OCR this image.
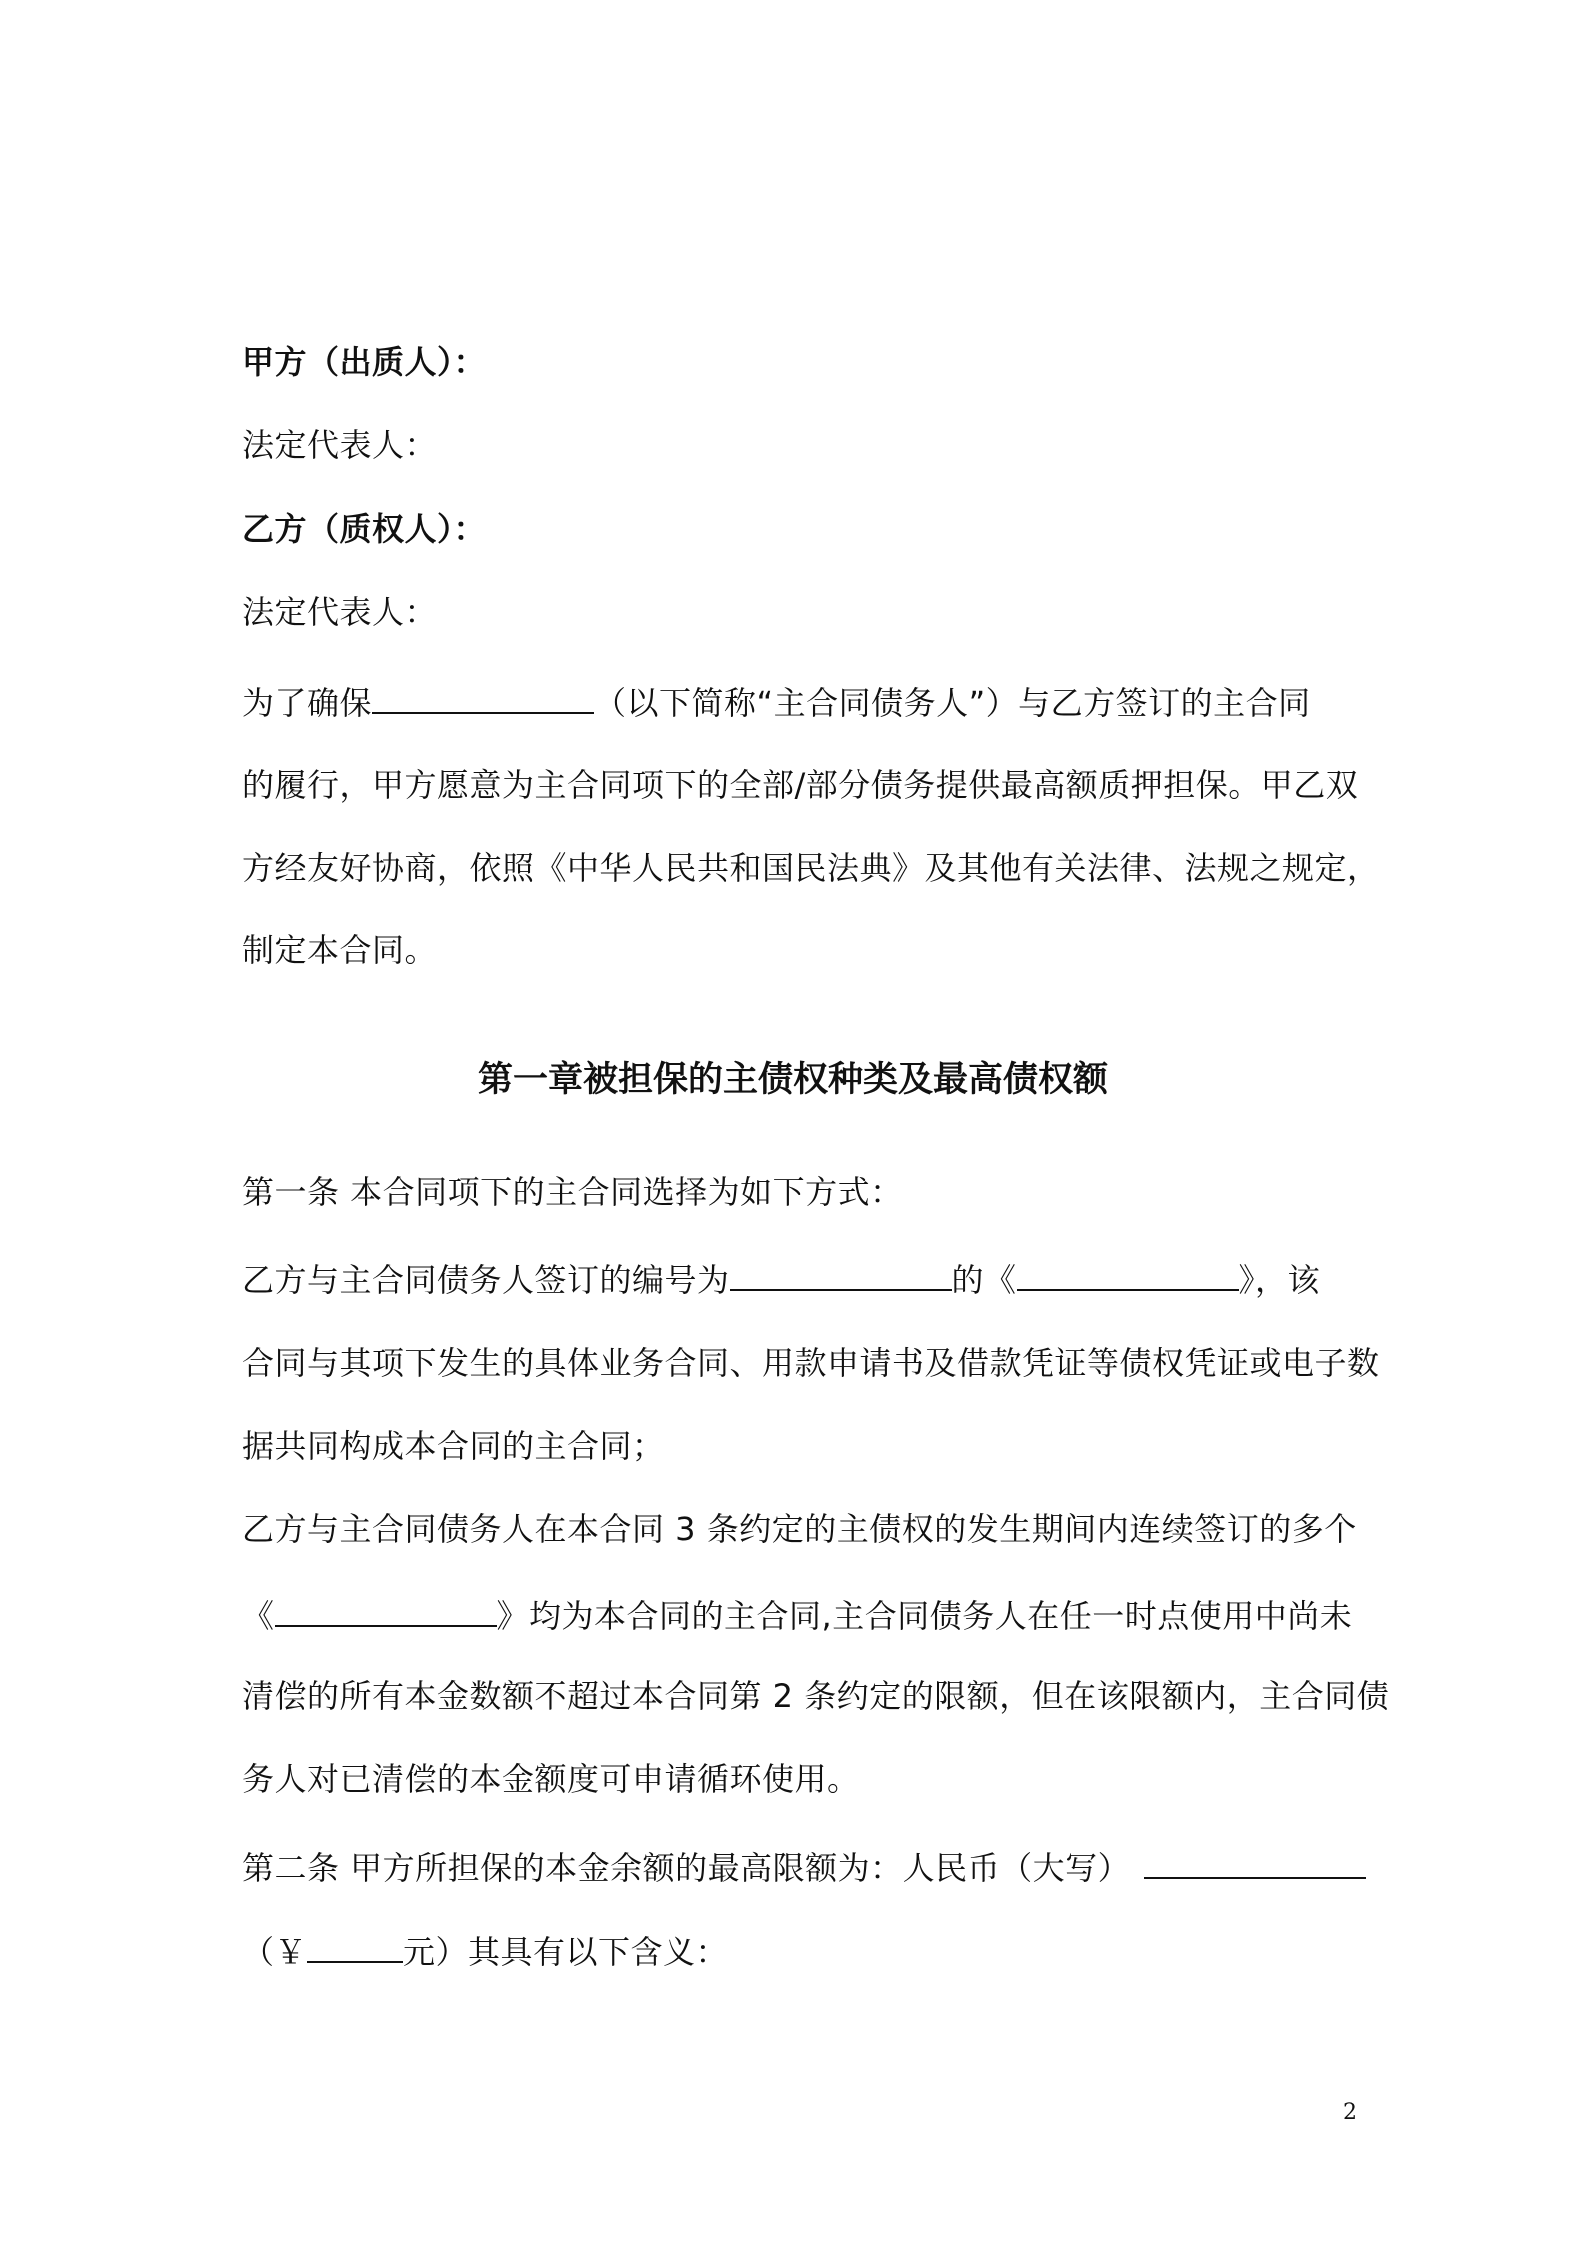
甲方（出质人）：
法定代表人：
乙方（质权人）：
法定代表人：
为了确保	（以下简称“主合同债务人”）与乙方签订的主合同
的履行，甲方愿意为主合同项下的全部/部分债务提供最高额质押担保。甲乙双
方经友好协商，依照《中华人民共和国民法典》及其他有关法律、法规之规定，
制定本合同。
第一章被担保的主债权种类及最高债权额
第一条 本合同项下的主合同选择为如下方式：
乙方与主合同债务人签订的编号为	的《	》，该
合同与其项下发生的具体业务合同、用款申请书及借款凭证等债权凭证或电子数
据共同构成本合同的主合同；
乙方与主合同债务人在本合同 3 条约定的主债权的发生期间内连续签订的多个
《	》均为本合同的主合同,主合同债务人在任一时点使用中尚未
清偿的所有本金数额不超过本合同第 2 条约定的限额，但在该限额内，主合同债
务人对已清偿的本金额度可申请循环使用。
第二条 甲方所担保的本金余额的最高限额为：人民币（大写）
（￥	元）其具有以下含义：
2
